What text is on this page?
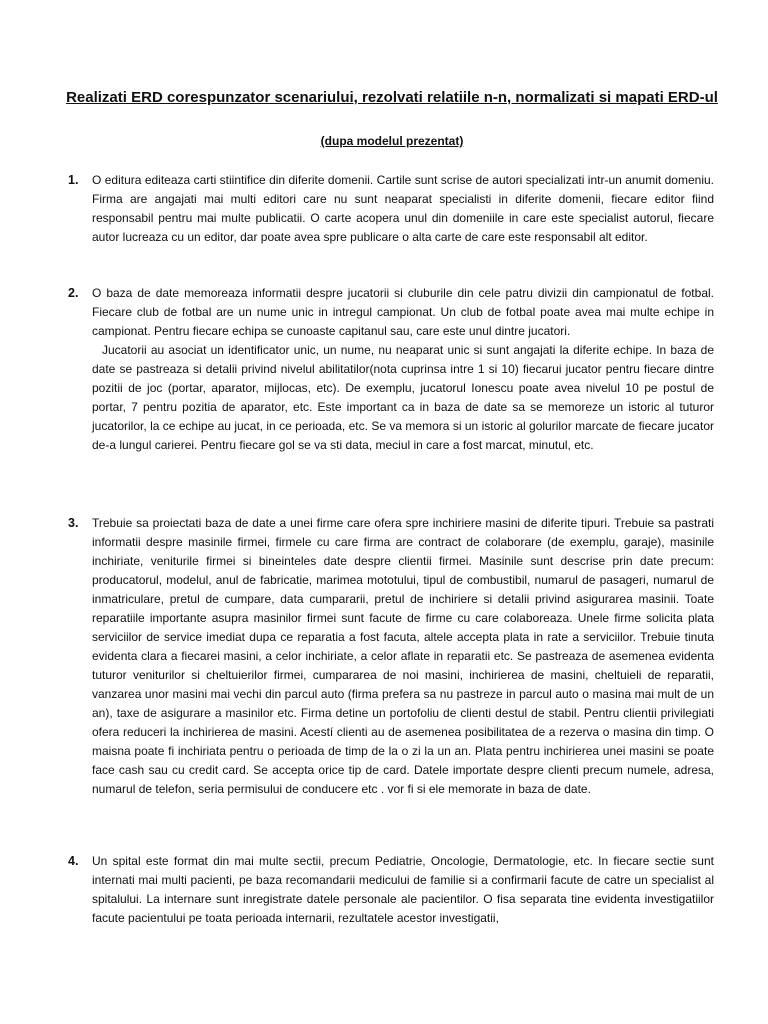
Realizati ERD corespunzator scenariului, rezolvati relatiile n-n, normalizati si mapati ERD-ul
(dupa modelul prezentat)
1. O editura editeaza carti stiintifice din diferite domenii. Cartile sunt scrise de autori specializati intr-un anumit domeniu. Firma are angajati mai multi editori care nu sunt neaparat specialisti in diferite domenii, fiecare editor fiind responsabil pentru mai multe publicatii. O carte acopera unul din domeniile in care este specialist autorul, fiecare autor lucreaza cu un editor, dar poate avea spre publicare o alta carte de care este responsabil alt editor.

2. O baza de date memoreaza informatii despre jucatorii si cluburile din cele patru divizii din campionatul de fotbal. Fiecare club de fotbal are un nume unic in intregul campionat. Un club de fotbal poate avea mai multe echipe in campionat. Pentru fiecare echipa se cunoaste capitanul sau, care este unul dintre jucatori.

Jucatorii au asociat un identificator unic, un nume, nu neaparat unic si sunt angajati la diferite echipe. In baza de date se pastreaza si detalii privind nivelul abilitatilor(nota cuprinsa intre 1 si 10) fiecarui jucator pentru fiecare dintre pozitii de joc (portar, aparator, mijlocas, etc). De exemplu, jucatorul Ionescu poate avea nivelul 10 pe postul de portar, 7 pentru pozitia de aparator, etc. Este important ca in baza de date sa se memoreze un istoric al tuturor jucatorilor, la ce echipe au jucat, in ce perioada, etc. Se va memora si un istoric al golurilor marcate de fiecare jucator de-a lungul carierei. Pentru fiecare gol se va sti data, meciul in care a fost marcat, minutul, etc.

3. Trebuie sa proiectati baza de date a unei firme care ofera spre inchiriere masini de diferite tipuri. Trebuie sa pastrati informatii despre masinile firmei, firmele cu care firma are contract de colaborare (de exemplu, garaje), masinile inchiriate, veniturile firmei si bineintelеs date despre clientii firmei. Masinile sunt descrise prin date precum: producatorul, modelul, anul de fabricatie, marimea mototului, tipul de combustibil, numarul de pasageri, numarul de inmatriculare, pretul de cumpare, data cumpararii, pretul de inchiriere si detalii privind asigurarea masinii. Toate reparatiile importante asupra masinilor firmei sunt facute de firme cu care colaboreaza. Unele firme solicita plata serviciilor de service imediat dupa ce reparatia a fost facuta, altele accepta plata in rate a serviciilor. Trebuie tinuta evidenta clara a fiecarei masini, a celor inchiriate, a celor aflate in reparatii etc. Se pastreaza de asemenea evidenta tuturor veniturilor si cheltuierilor firmei, cumpararea de noi masini, inchirierea de masini, cheltuieli de reparatii, vanzarea unor masini mai vechi din parcul auto (firma prefera sa nu pastreze in parcul auto o masina mai mult de un an), taxe de asigurare a masinilor etc. Firma detine un portofoliu de clienti destul de stabil. Pentru clientii privilegiati ofera reduceri la inchirierea de masini. Acestí clienti au de asemenea posibilitatea de a rezerva o masina din timp. O maisna poate fi inchiriata pentru o perioada de timp de la o zi la un an. Plata pentru inchirierea unei masini se poate face cash sau cu credit card. Se accepta orice tip de card. Datele importate despre clienti precum numele, adresa, numarul de telefon, seria permisului de conducere etc . vor fi si ele memorate in baza de date.

4. Un spital este format din mai multe sectii, precum Pediatrie, Oncologie, Dermatologie, etc. In fiecare sectie sunt internati mai multi pacienti, pe baza recomandarii medicului de familie si a confirmarii facute de catre un specialist al spitalului. La internare sunt inregistrate datele personale ale pacientilor. O fisa separata tine evidenta investigatiilor facute pacientului pe toata perioada internarii, rezultatele acestor investigatii,
